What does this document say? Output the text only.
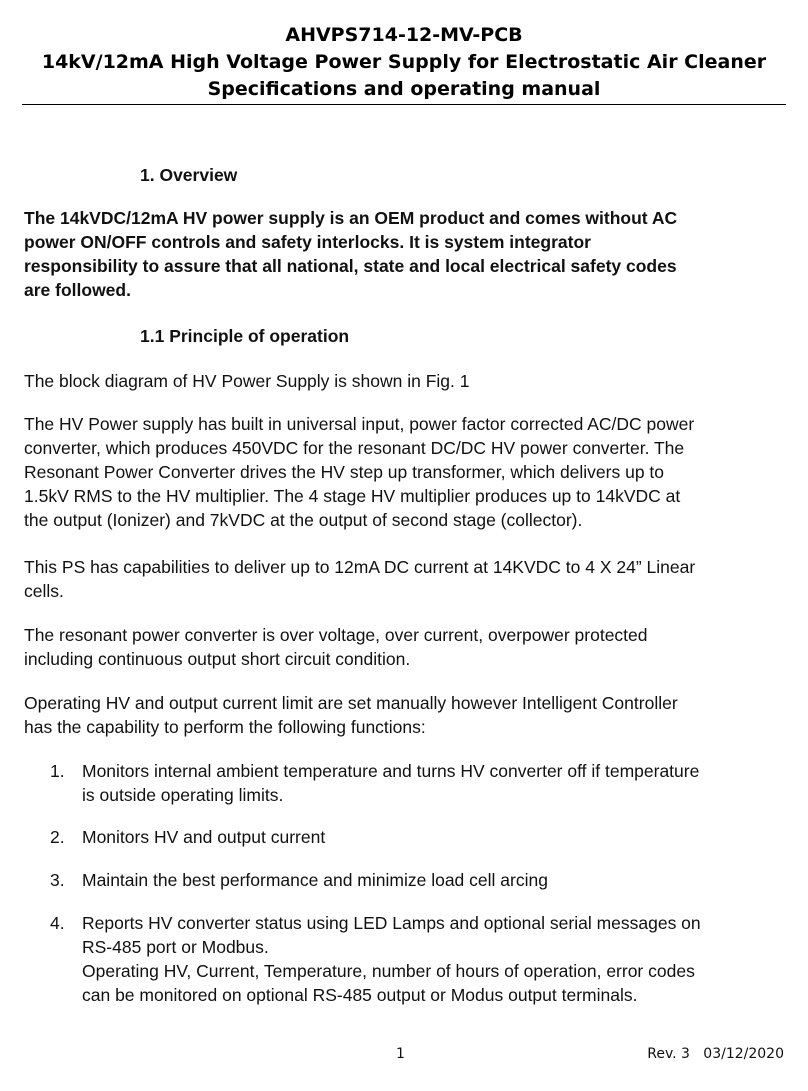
AHVPS714-12-MV-PCB
14kV/12mA High Voltage Power Supply for Electrostatic Air Cleaner
Specifications and operating manual
1. Overview
The 14kVDC/12mA HV power supply is an OEM product and comes without AC
power ON/OFF controls and safety interlocks. It is system integrator
responsibility to assure that all national, state and local electrical safety codes
are followed.
1.1 Principle of operation
The block diagram of HV Power Supply is shown in Fig. 1
The HV Power supply has built in universal input, power factor corrected AC/DC power
converter, which produces 450VDC for the resonant DC/DC HV power converter. The
Resonant Power Converter drives the HV step up transformer, which delivers up to
1.5kV RMS to the HV multiplier. The 4 stage HV multiplier produces up to 14kVDC at
the output (Ionizer) and 7kVDC at the output of second stage (collector).
This PS has capabilities to deliver up to 12mA DC current at 14KVDC to 4 X 24” Linear
cells.
The resonant power converter is over voltage, over current, overpower protected
including continuous output short circuit condition.
Operating HV and output current limit are set manually however Intelligent Controller
has the capability to perform the following functions:
1. Monitors internal ambient temperature and turns HV converter off if temperature
is outside operating limits.
2. Monitors HV and output current
3. Maintain the best performance and minimize load cell arcing
4. Reports HV converter status using LED Lamps and optional serial messages on
RS-485 port or Modbus.
Operating HV, Current, Temperature, number of hours of operation, error codes
can be monitored on optional RS-485 output or Modus output terminals.
1	Rev. 3   03/12/2020
